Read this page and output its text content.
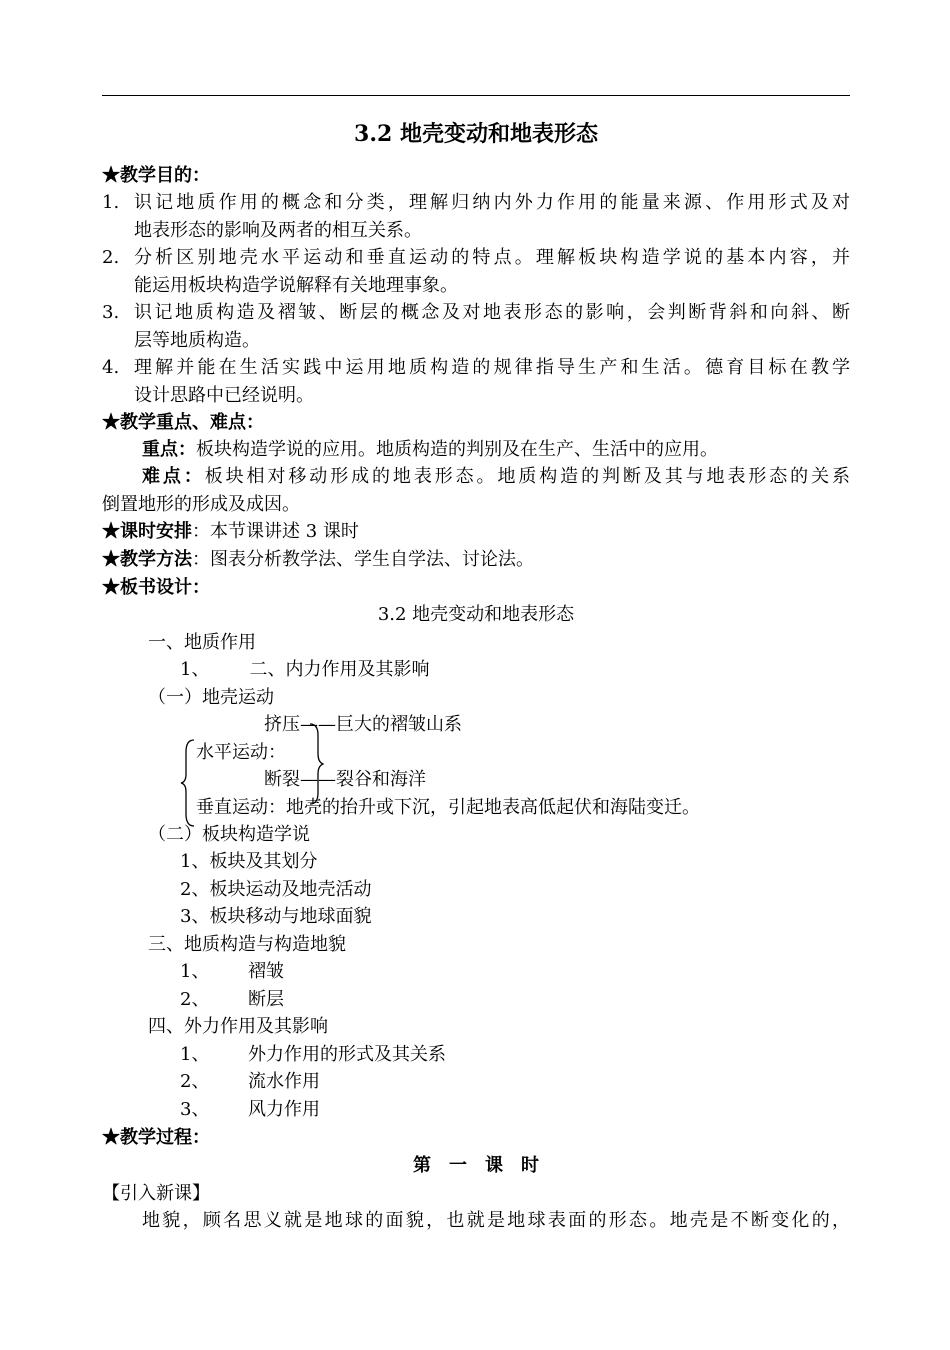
3.2 地壳变动和地表形态
★教学目的：
1. 识记地质作用的概念和分类，理解归纳内外力作用的能量来源、作用形式及对
地表形态的影响及两者的相互关系。
2. 分析区别地壳水平运动和垂直运动的特点。理解板块构造学说的基本内容，并
能运用板块构造学说解释有关地理事象。
3. 识记地质构造及褶皱、断层的概念及对地表形态的影响，会判断背斜和向斜、断
层等地质构造。
4. 理解并能在生活实践中运用地质构造的规律指导生产和生活。德育目标在教学
设计思路中已经说明。
★教学重点、难点：
重点：板块构造学说的应用。地质构造的判别及在生产、生活中的应用。
难点：板块相对移动形成的地表形态。地质构造的判断及其与地表形态的关系
倒置地形的形成及成因。
★课时安排：本节课讲述 3 课时
★教学方法：图表分析教学法、学生自学法、讨论法。
★板书设计：
3.2 地壳变动和地表形态
一、地质作用
1、       二、内力作用及其影响
（一）地壳运动
挤压——巨大的褶皱山系
水平运动：
断裂——裂谷和海洋
垂直运动：地壳的抬升或下沉，引起地表高低起伏和海陆变迁。
（二）板块构造学说
1、板块及其划分
2、板块运动及地壳活动
3、板块移动与地球面貌
三、地质构造与构造地貌
1、 褶皱
2、 断层
四、外力作用及其影响
1、 外力作用的形式及其关系
2、 流水作用
3、 风力作用
★教学过程：
第　一　课　时
【引入新课】
地貌，顾名思义就是地球的面貌，也就是地球表面的形态。地壳是不断变化的，
